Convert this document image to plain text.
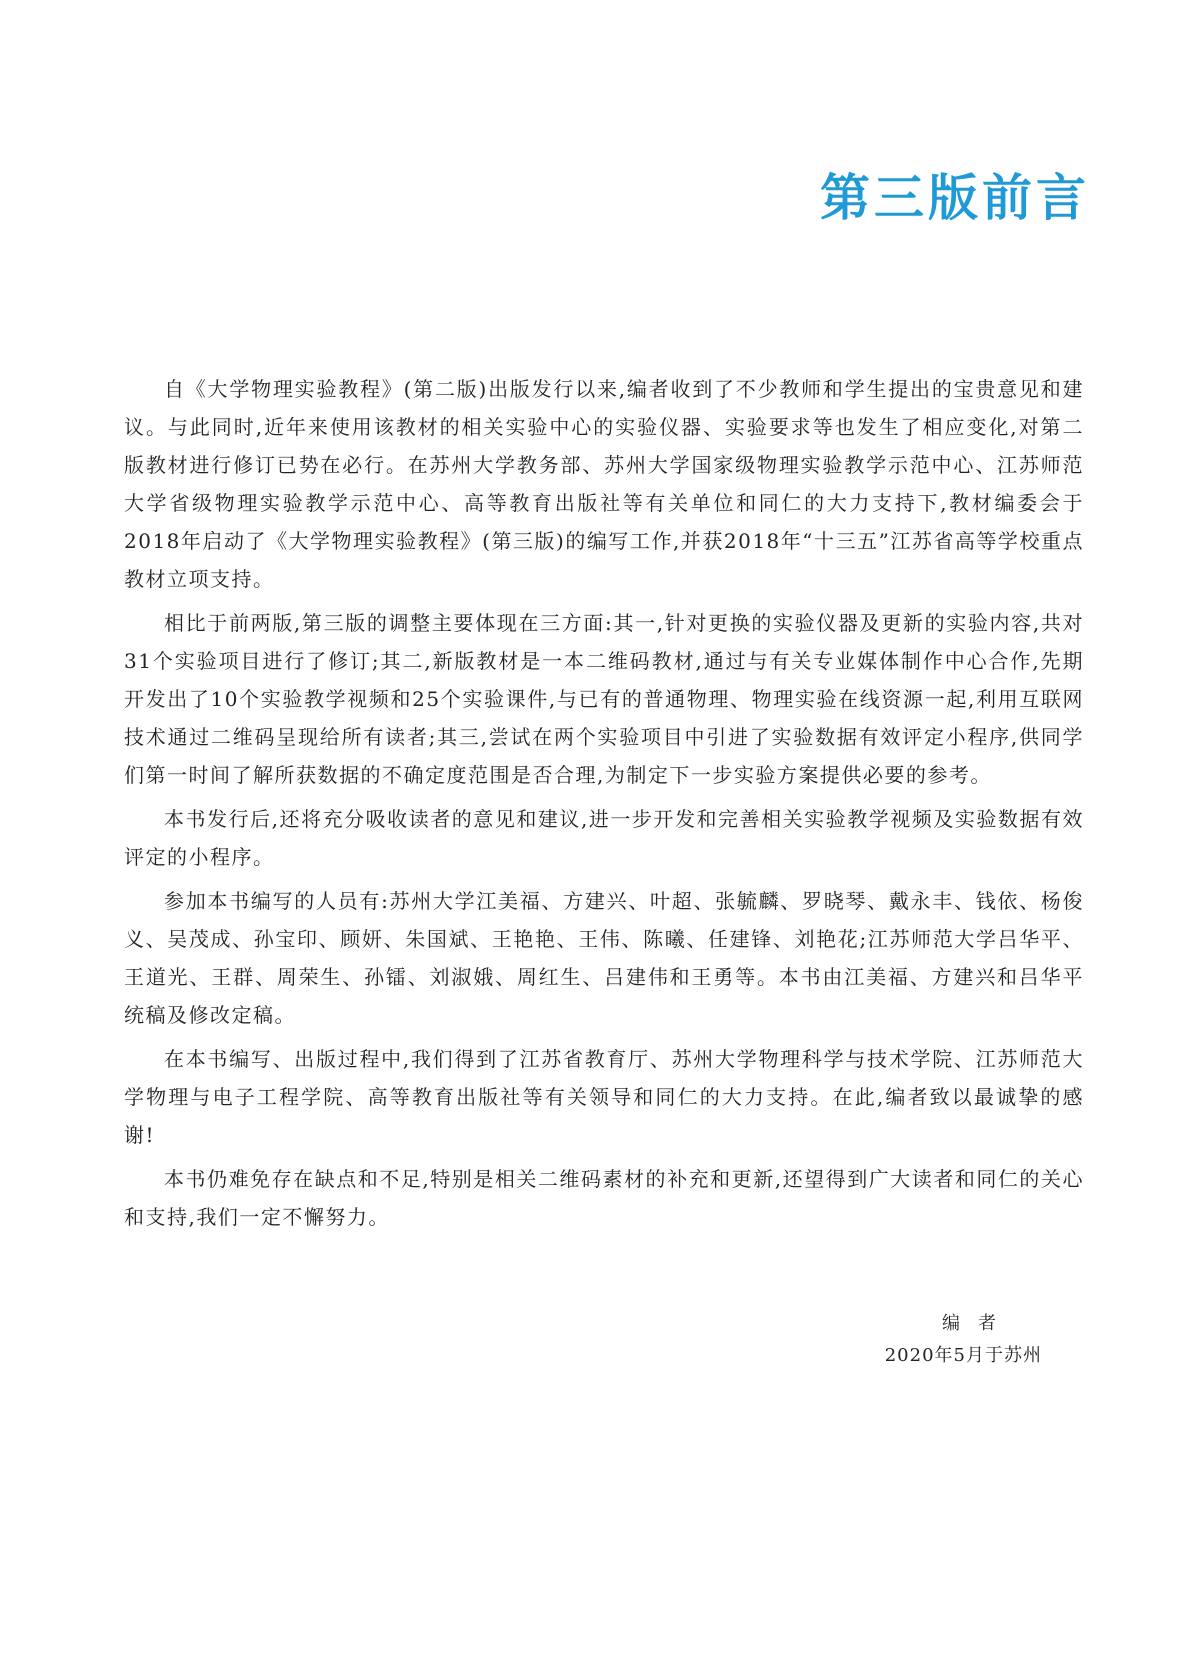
第三版前言

自《大学物理实验教程》(第二版)出版发行以来,编者收到了不少教师和学生提出的宝贵意见和建议。与此同时,近年来使用该教材的相关实验中心的实验仪器、实验要求等也发生了相应变化,对第二版教材进行修订已势在必行。在苏州大学教务部、苏州大学国家级物理实验教学示范中心、江苏师范大学省级物理实验教学示范中心、高等教育出版社等有关单位和同仁的大力支持下,教材编委会于2018年启动了《大学物理实验教程》(第三版)的编写工作,并获2018年“十三五”江苏省高等学校重点教材立项支持。

相比于前两版,第三版的调整主要体现在三方面:其一,针对更换的实验仪器及更新的实验内容,共对31个实验项目进行了修订;其二,新版教材是一本二维码教材,通过与有关专业媒体制作中心合作,先期开发出了10个实验教学视频和25个实验课件,与已有的普通物理、物理实验在线资源一起,利用互联网技术通过二维码呈现给所有读者;其三,尝试在两个实验项目中引进了实验数据有效评定小程序,供同学们第一时间了解所获数据的不确定度范围是否合理,为制定下一步实验方案提供必要的参考。

本书发行后,还将充分吸收读者的意见和建议,进一步开发和完善相关实验教学视频及实验数据有效评定的小程序。

参加本书编写的人员有:苏州大学江美福、方建兴、叶超、张毓麟、罗晓琴、戴永丰、钱依、杨俊义、吴茂成、孙宝印、顾妍、朱国斌、王艳艳、王伟、陈曦、任建锋、刘艳花;江苏师范大学吕华平、王道光、王群、周荣生、孙镭、刘淑娥、周红生、吕建伟和王勇等。本书由江美福、方建兴和吕华平统稿及修改定稿。

在本书编写、出版过程中,我们得到了江苏省教育厅、苏州大学物理科学与技术学院、江苏师范大学物理与电子工程学院、高等教育出版社等有关领导和同仁的大力支持。在此,编者致以最诚挚的感谢!

本书仍难免存在缺点和不足,特别是相关二维码素材的补充和更新,还望得到广大读者和同仁的关心和支持,我们一定不懈努力。

编者
2020年5月于苏州
